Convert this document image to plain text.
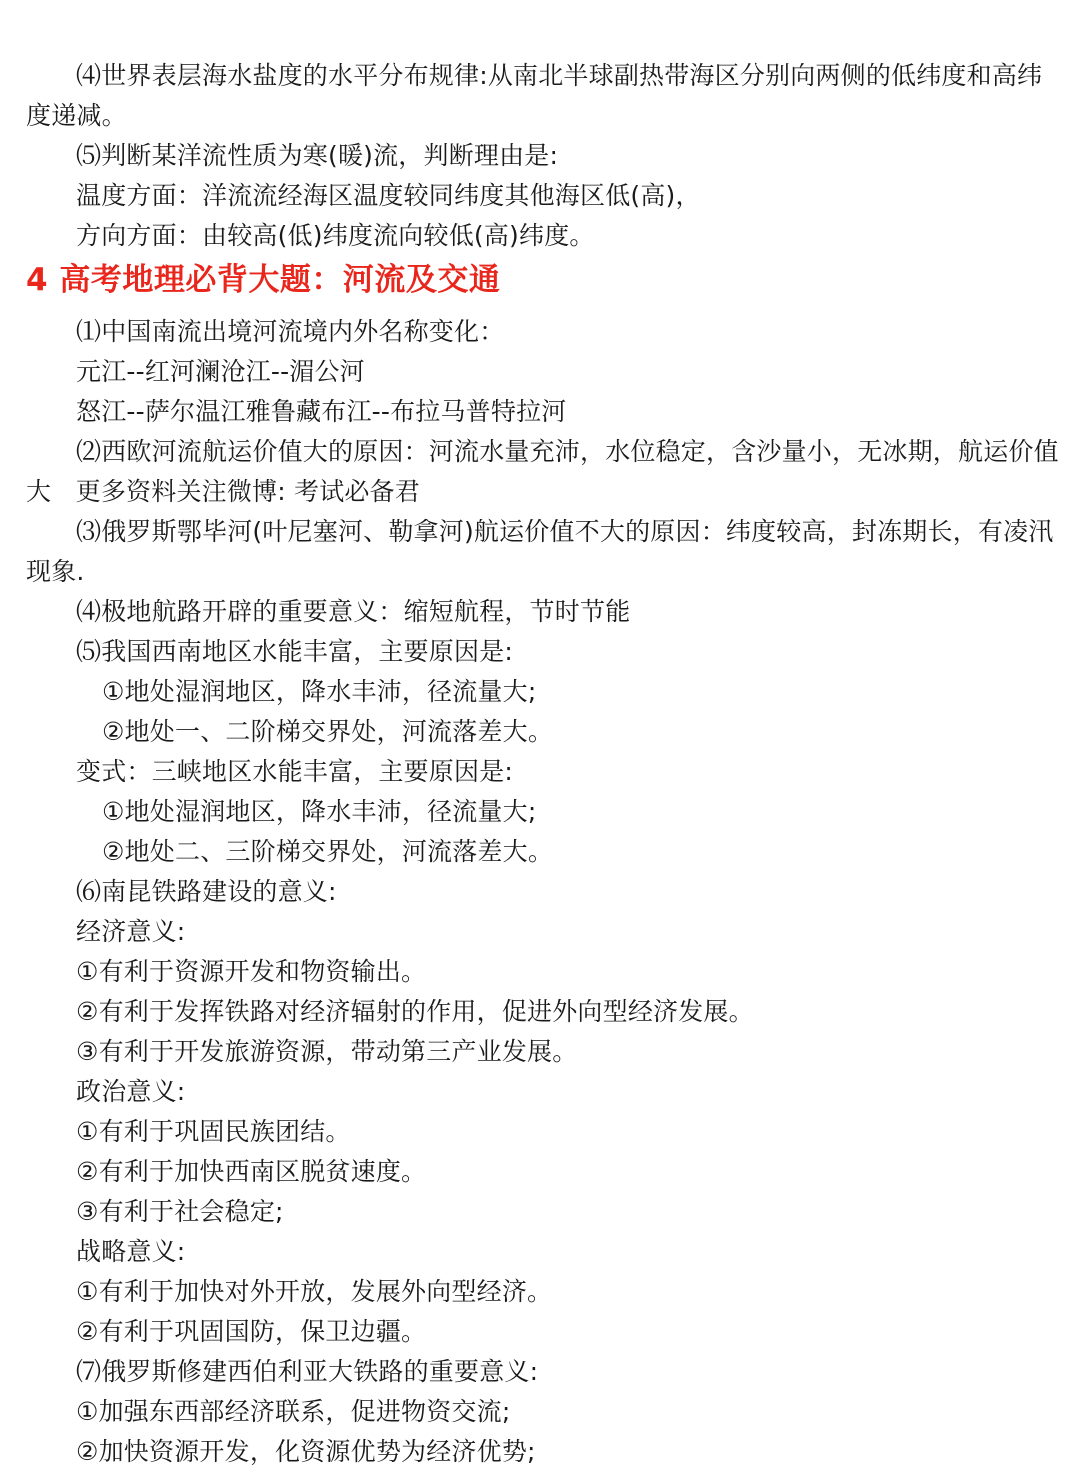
⑷世界表层海水盐度的水平分布规律:从南北半球副热带海区分别向两侧的低纬度和高纬
度递减。
⑸判断某洋流性质为寒(暖)流，判断理由是:
温度方面：洋流流经海区温度较同纬度其他海区低(高)，
方向方面：由较高(低)纬度流向较低(高)纬度。
4 高考地理必背大题：河流及交通
⑴中国南流出境河流境内外名称变化：
元江--红河澜沧江--湄公河
怒江--萨尔温江雅鲁藏布江--布拉马普特拉河
⑵西欧河流航运价值大的原因：河流水量充沛，水位稳定，含沙量小，无冰期，航运价值
大   更多资料关注微博: 考试必备君
⑶俄罗斯鄂毕河(叶尼塞河、勒拿河)航运价值不大的原因：纬度较高，封冻期长，有凌汛
现象.
⑷极地航路开辟的重要意义：缩短航程，节时节能
⑸我国西南地区水能丰富，主要原因是:
①地处湿润地区，降水丰沛，径流量大;
②地处一、二阶梯交界处，河流落差大。
变式：三峡地区水能丰富，主要原因是:
①地处湿润地区，降水丰沛，径流量大;
②地处二、三阶梯交界处，河流落差大。
⑹南昆铁路建设的意义:
经济意义:
①有利于资源开发和物资输出。
②有利于发挥铁路对经济辐射的作用，促进外向型经济发展。
③有利于开发旅游资源，带动第三产业发展。
政治意义:
①有利于巩固民族团结。
②有利于加快西南区脱贫速度。
③有利于社会稳定;
战略意义:
①有利于加快对外开放，发展外向型经济。
②有利于巩固国防，保卫边疆。
⑺俄罗斯修建西伯利亚大铁路的重要意义:
①加强东西部经济联系，促进物资交流;
②加快资源开发，化资源优势为经济优势;
